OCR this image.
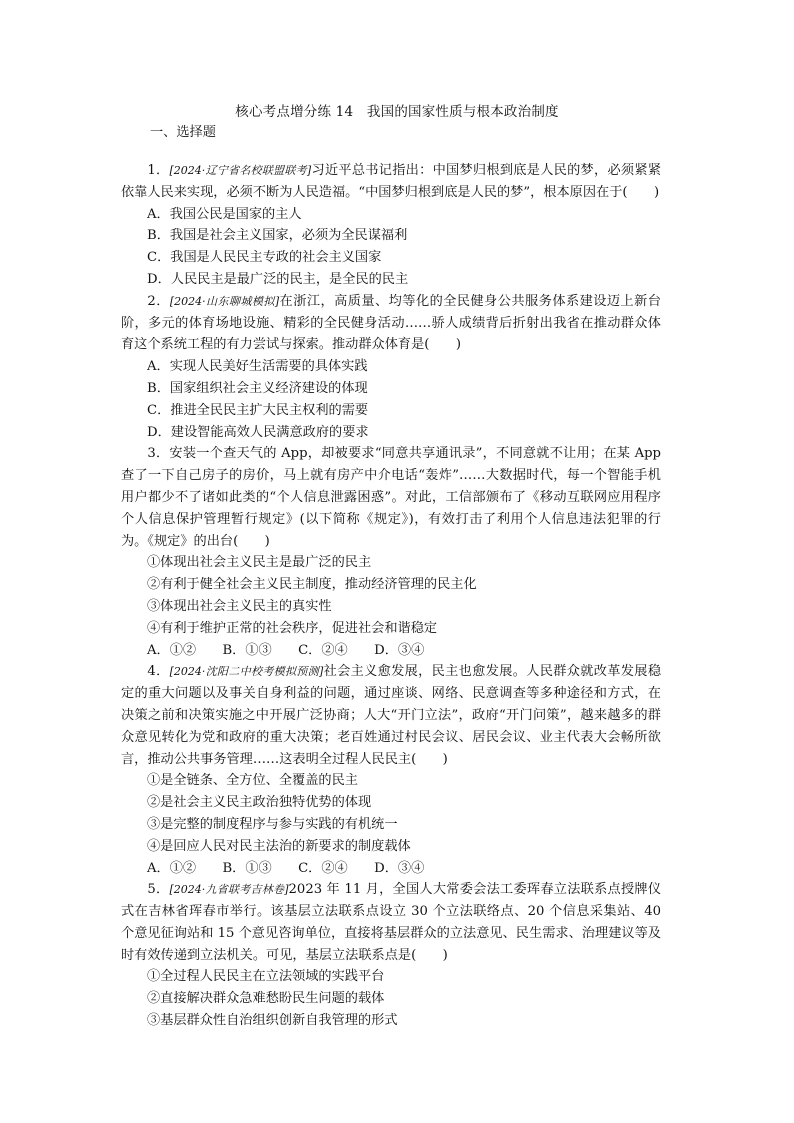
核心考点增分练 14　我国的国家性质与根本政治制度
一、选择题

1．[2024·辽宁省名校联盟联考]习近平总书记指出：中国梦归根到底是人民的梦，必须紧紧依靠人民来实现，必须不断为人民造福。“中国梦归根到底是人民的梦”，根本原因在于(　　)

A．我国公民是国家的主人

B．我国是社会主义国家，必须为全民谋福利

C．我国是人民民主专政的社会主义国家

D．人民民主是最广泛的民主，是全民的民主

2．[2024·山东聊城模拟]在浙江，高质量、均等化的全民健身公共服务体系建设迈上新台阶，多元的体育场地设施、精彩的全民健身活动……骄人成绩背后折射出我省在推动群众体育这个系统工程的有力尝试与探索。推动群众体育是(　　)

A．实现人民美好生活需要的具体实践

B．国家组织社会主义经济建设的体现

C．推进全民民主扩大民主权利的需要

D．建设智能高效人民满意政府的要求

3．安装一个查天气的 App，却被要求“同意共享通讯录”，不同意就不让用；在某 App 查了一下自己房子的房价，马上就有房产中介电话“轰炸”……大数据时代，每一个智能手机用户都少不了诸如此类的“个人信息泄露困惑”。对此，工信部颁布了《移动互联网应用程序个人信息保护管理暂行规定》(以下简称《规定》)，有效打击了利用个人信息违法犯罪的行为。《规定》的出台(　　)

①体现出社会主义民主是最广泛的民主

②有利于健全社会主义民主制度，推动经济管理的民主化

③体现出社会主义民主的真实性

④有利于维护正常的社会秩序，促进社会和谐稳定

A．①②　　B．①③　　C．②④　　D．③④

4．[2024·沈阳二中校考模拟预测]社会主义愈发展，民主也愈发展。人民群众就改革发展稳定的重大问题以及事关自身利益的问题，通过座谈、网络、民意调查等多种途径和方式，在决策之前和决策实施之中开展广泛协商；人大“开门立法”，政府“开门问策”，越来越多的群众意见转化为党和政府的重大决策；老百姓通过村民会议、居民会议、业主代表大会畅所欲言，推动公共事务管理……这表明全过程人民民主(　　)

①是全链条、全方位、全覆盖的民主

②是社会主义民主政治独特优势的体现

③是完整的制度程序与参与实践的有机统一

④是回应人民对民主法治的新要求的制度载体

A．①②　　B．①③　　C．②④　　D．③④

5．[2024·九省联考吉林卷]2023 年 11 月，全国人大常委会法工委珲春立法联系点授牌仪式在吉林省珲春市举行。该基层立法联系点设立 30 个立法联络点、20 个信息采集站、40 个意见征询站和 15 个意见咨询单位，直接将基层群众的立法意见、民生需求、治理建议等及时有效传递到立法机关。可见，基层立法联系点是(　　)

①全过程人民民主在立法领域的实践平台

②直接解决群众急难愁盼民生问题的载体

③基层群众性自治组织创新自我管理的形式
